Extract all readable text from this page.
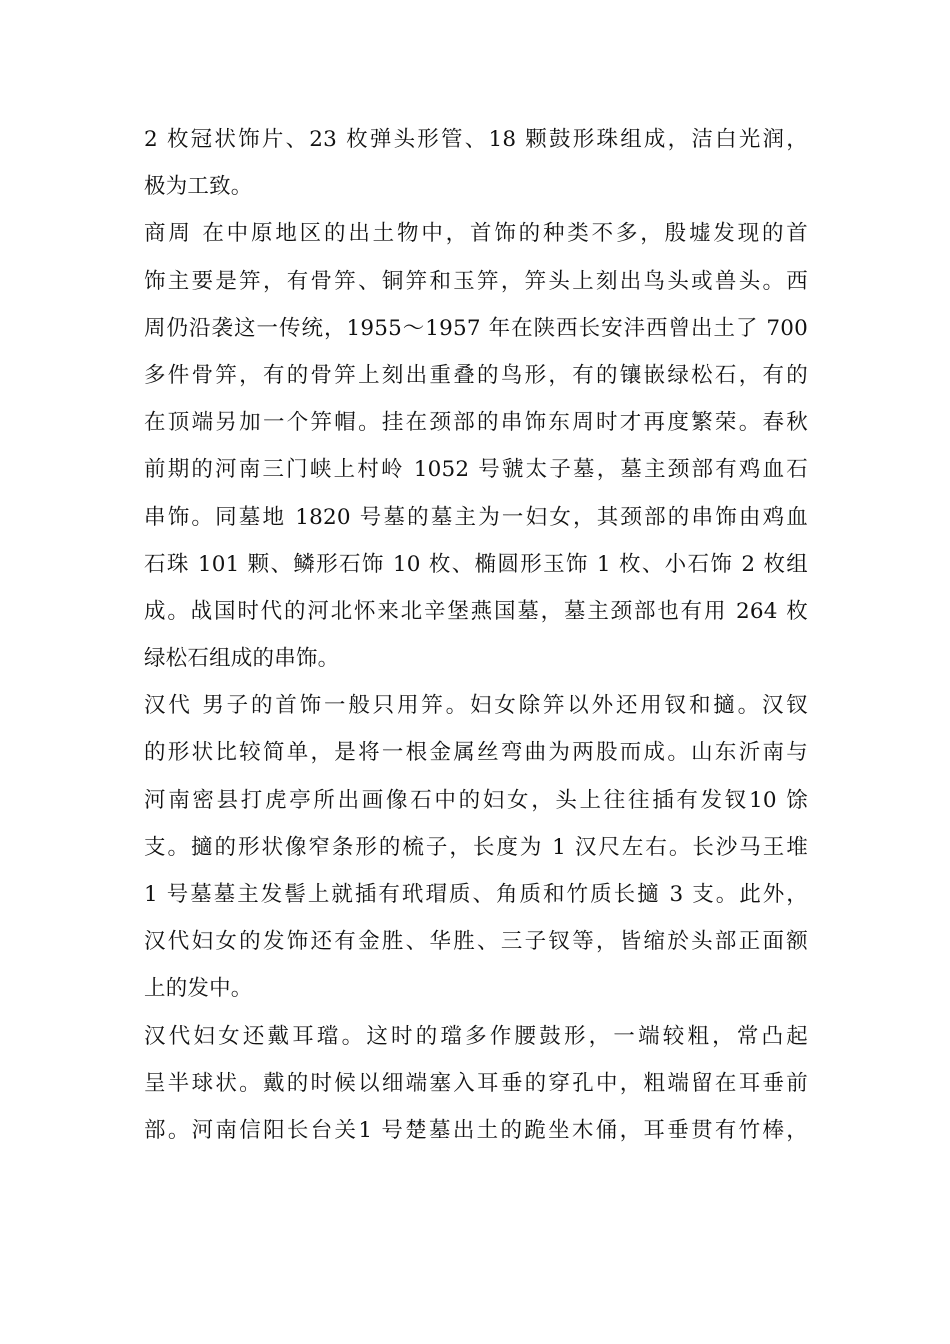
2 枚冠状饰片、23 枚弹头形管、18 颗鼓形珠组成，洁白光润，
极为工致。
商周 在中原地区的出土物中，首饰的种类不多，殷墟发现的首
饰主要是笄，有骨笄、铜笄和玉笄，笄头上刻出鸟头或兽头。西
周仍沿袭这一传统，1955～1957 年在陕西长安沣西曾出土了 700
多件骨笄，有的骨笄上刻出重叠的鸟形，有的镶嵌绿松石，有的
在顶端另加一个笄帽。挂在颈部的串饰东周时才再度繁荣。春秋
前期的河南三门峡上村岭 1052 号虢太子墓，墓主颈部有鸡血石
串饰。同墓地 1820 号墓的墓主为一妇女，其颈部的串饰由鸡血
石珠 101 颗、鳞形石饰 10 枚、椭圆形玉饰 1 枚、小石饰 2 枚组
成。战国时代的河北怀来北辛堡燕国墓，墓主颈部也有用 264 枚
绿松石组成的串饰。
汉代 男子的首饰一般只用笄。妇女除笄以外还用钗和擿。汉钗
的形状比较简单，是将一根金属丝弯曲为两股而成。山东沂南与
河南密县打虎亭所出画像石中的妇女，头上往往插有发钗10 馀
支。擿的形状像窄条形的梳子，长度为 1 汉尺左右。长沙马王堆
1 号墓墓主发髻上就插有玳瑁质、角质和竹质长擿 3 支。此外，
汉代妇女的发饰还有金胜、华胜、三子钗等，皆缩於头部正面额
上的发中。
汉代妇女还戴耳璫。这时的璫多作腰鼓形，一端较粗，常凸起
呈半球状。戴的时候以细端塞入耳垂的穿孔中，粗端留在耳垂前
部。河南信阳长台关1 号楚墓出土的跪坐木俑，耳垂贯有竹棒，
